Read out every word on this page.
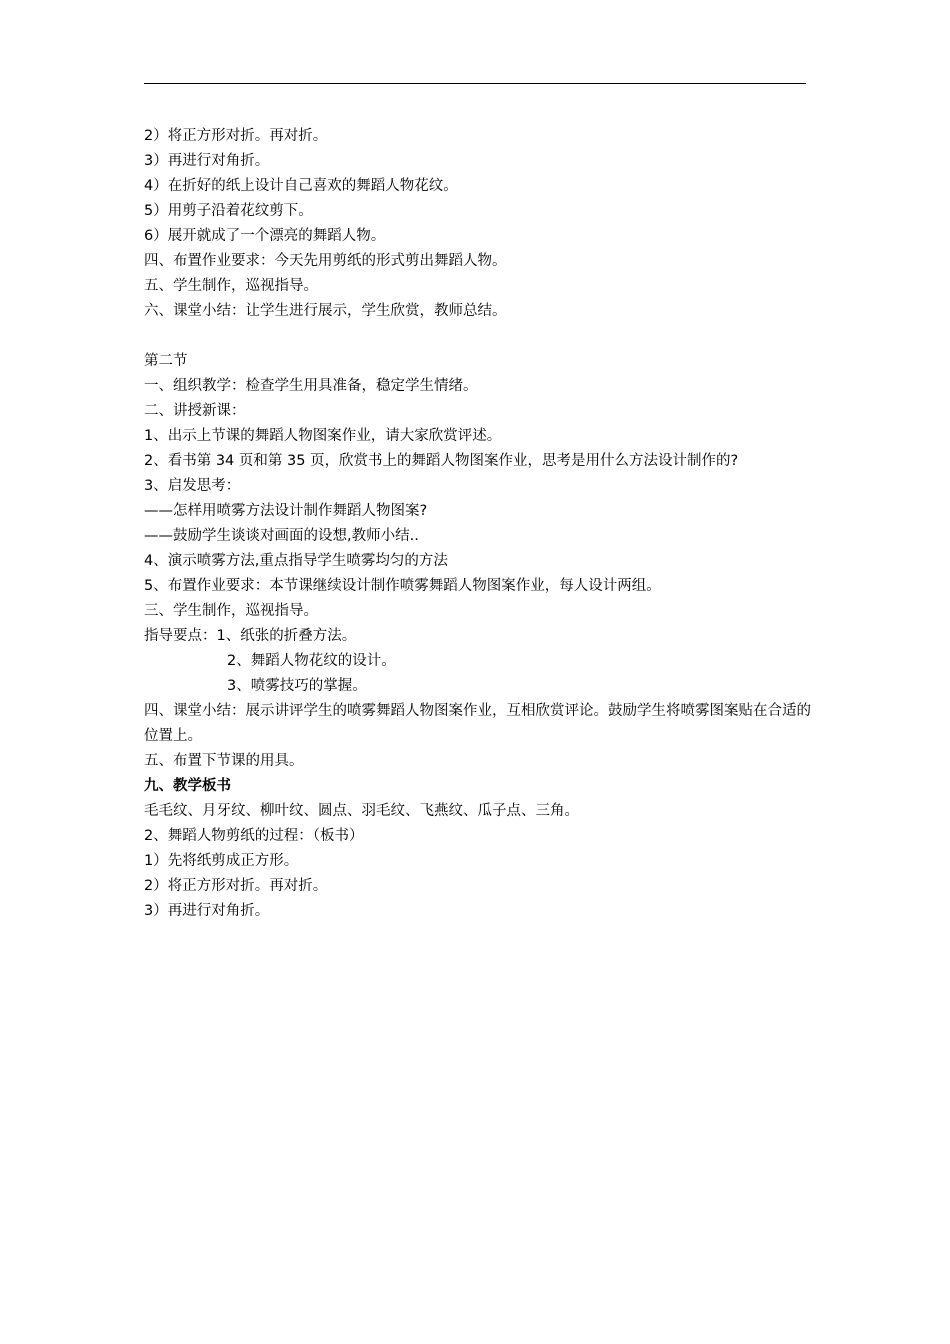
2）将正方形对折。再对折。
3）再进行对角折。
4）在折好的纸上设计自己喜欢的舞蹈人物花纹。
5）用剪子沿着花纹剪下。
6）展开就成了一个漂亮的舞蹈人物。
四、布置作业要求：今天先用剪纸的形式剪出舞蹈人物。
五、学生制作，巡视指导。
六、课堂小结：让学生进行展示，学生欣赏，教师总结。
第二节
一、组织教学：检查学生用具准备，稳定学生情绪。
二、讲授新课：
1、出示上节课的舞蹈人物图案作业，请大家欣赏评述。
2、看书第 34 页和第 35 页，欣赏书上的舞蹈人物图案作业，思考是用什么方法设计制作的?
3、启发思考：
——怎样用喷雾方法设计制作舞蹈人物图案?
——鼓励学生谈谈对画面的设想,教师小结..
4、演示喷雾方法,重点指导学生喷雾均匀的方法
5、布置作业要求：本节课继续设计制作喷雾舞蹈人物图案作业，每人设计两组。
三、学生制作，巡视指导。
指导要点：1、纸张的折叠方法。
2、舞蹈人物花纹的设计。
3、喷雾技巧的掌握。
四、课堂小结：展示讲评学生的喷雾舞蹈人物图案作业，互相欣赏评论。鼓励学生将喷雾图案贴在合适的位置上。
五、布置下节课的用具。
九、教学板书
毛毛纹、月牙纹、柳叶纹、圆点、羽毛纹、飞燕纹、瓜子点、三角。
2、舞蹈人物剪纸的过程：（板书）
1）先将纸剪成正方形。
2）将正方形对折。再对折。
3）再进行对角折。
